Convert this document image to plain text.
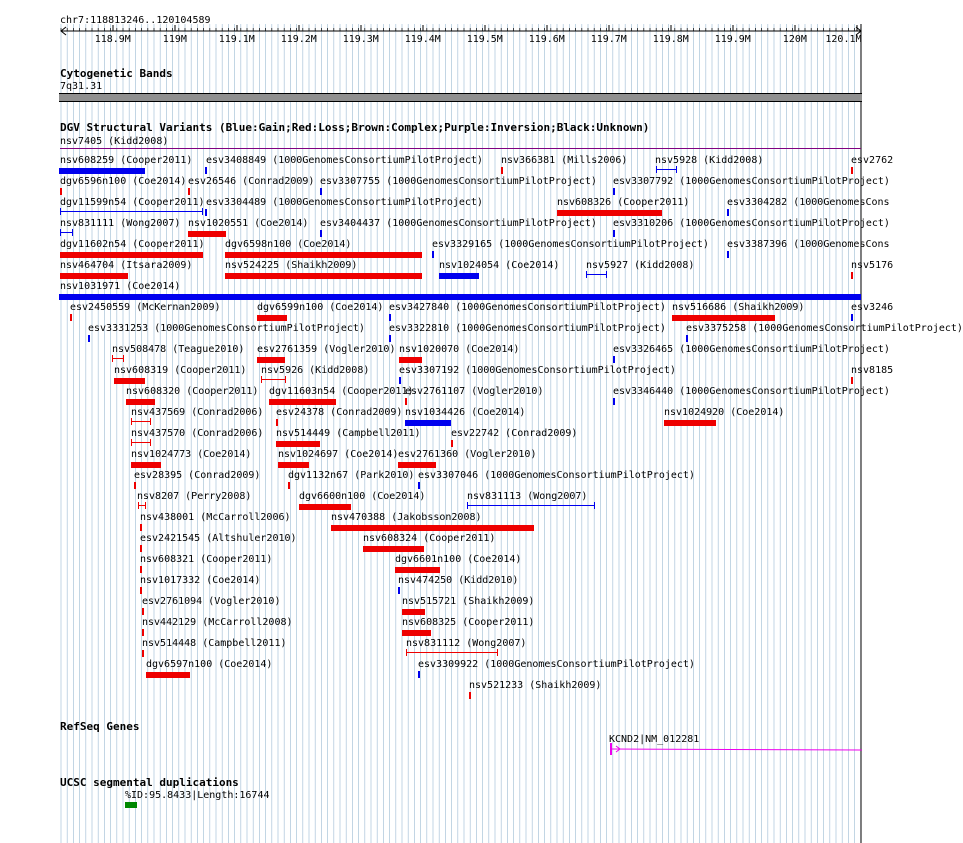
chr7:118813246..120104589
118.9M	119M	119.1M	119.2M	119.3M	119.4M	119.5M	119.6M	119.7M	119.8M	119.9M	120M 120.1M
Cytogenetic Bands
7q31.31
DGV Structural Variants (Blue:Gain;Red:Loss;Brown:Complex;Purple:Inversion;Black:Unknown)
nsv7405 (Kidd2008)
nsv608259 (Cooper2011) esv3408849 (1000GenomesConsortiumPilotProject) nsv366381 (Mills2006)	nsv5928 (Kidd2008)	esv2762
dgv6596n100 (Coe2014) esv26546 (Conrad2009) esv3307755 (1000GenomesConsortiumPilotProject) esv3307792 (1000GenomesConsortiumPilotProject)
dgv11599n54 (Cooper2011) esv3304489 (1000GenomesConsortiumPilotProject)	nsv608326 (Cooper2011)	esv3304282 (1000GenomesCons
nsv831111 (Wong2007) nsv1020551 (Coe2014) esv3404437 (1000GenomesConsortiumPilotProject) esv3310206 (1000GenomesConsortiumPilotProject)
dgv11602n54 (Cooper2011) dgv6598n100 (Coe2014)	esv3329165 (1000GenomesConsortiumPilotProject) esv3387396 (1000GenomesCons
nsv464704 (Itsara2009)	nsv524225 (Shaikh2009)	nsv1024054 (Coe2014)	nsv5927 (Kidd2008)	nsv5176
nsv1031971 (Coe2014)
esv2450559 (McKernan2009)	dgv6599n100 (Coe2014) esv3427840 (1000GenomesConsortiumPilotProject) nsv516686 (Shaikh2009)	esv3246
esv3331253 (1000GenomesConsortiumPilotProject) esv3322810 (1000GenomesConsortiumPilotProject) esv3375258 (1000GenomesConsortiumPilotProject)
nsv508478 (Teague2010) esv2761359 (Vogler2010) nsv1020070 (Coe2014)	esv3326465 (1000GenomesConsortiumPilotProject)
nsv608319 (Cooper2011) nsv5926 (Kidd2008)	esv3307192 (1000GenomesConsortiumPilotProject)	nsv8185
nsv608320 (Cooper2011) dgv11603n54 (Cooper2011)
esv2761107 (Vogler2010)	esv3346440 (1000GenomesConsortiumPilotProject)
nsv437569 (Conrad2006) esv24378 (Conrad2009) nsv1034426 (Coe2014)	nsv1024920 (Coe2014)
nsv437570 (Conrad2006) nsv514449 (Campbell2011)	esv22742 (Conrad2009)
nsv1024773 (Coe2014)	nsv1024697 (Coe2014) esv2761360 (Vogler2010)
esv28395 (Conrad2009)	dgv1132n67 (Park2010) esv3307046 (1000GenomesConsortiumPilotProject)
nsv8207 (Perry2008)	dgv6600n100 (Coe2014)	nsv831113 (Wong2007)
nsv438001 (McCarroll2006)	nsv470388 (Jakobsson2008)
esv2421545 (Altshuler2010)	nsv608324 (Cooper2011)
nsv608321 (Cooper2011)	dgv6601n100 (Coe2014)
nsv1017332 (Coe2014)	nsv474250 (Kidd2010)
esv2761094 (Vogler2010)	nsv515721 (Shaikh2009)
nsv442129 (McCarroll2008)	nsv608325 (Cooper2011)
nsv514448 (Campbell2011)	nsv831112 (Wong2007)
dgv6597n100 (Coe2014)	esv3309922 (1000GenomesConsortiumPilotProject)
nsv521233 (Shaikh2009)
RefSeq Genes
KCND2|NM_012281
UCSC segmental duplications
%ID:95.8433|Length:16744
